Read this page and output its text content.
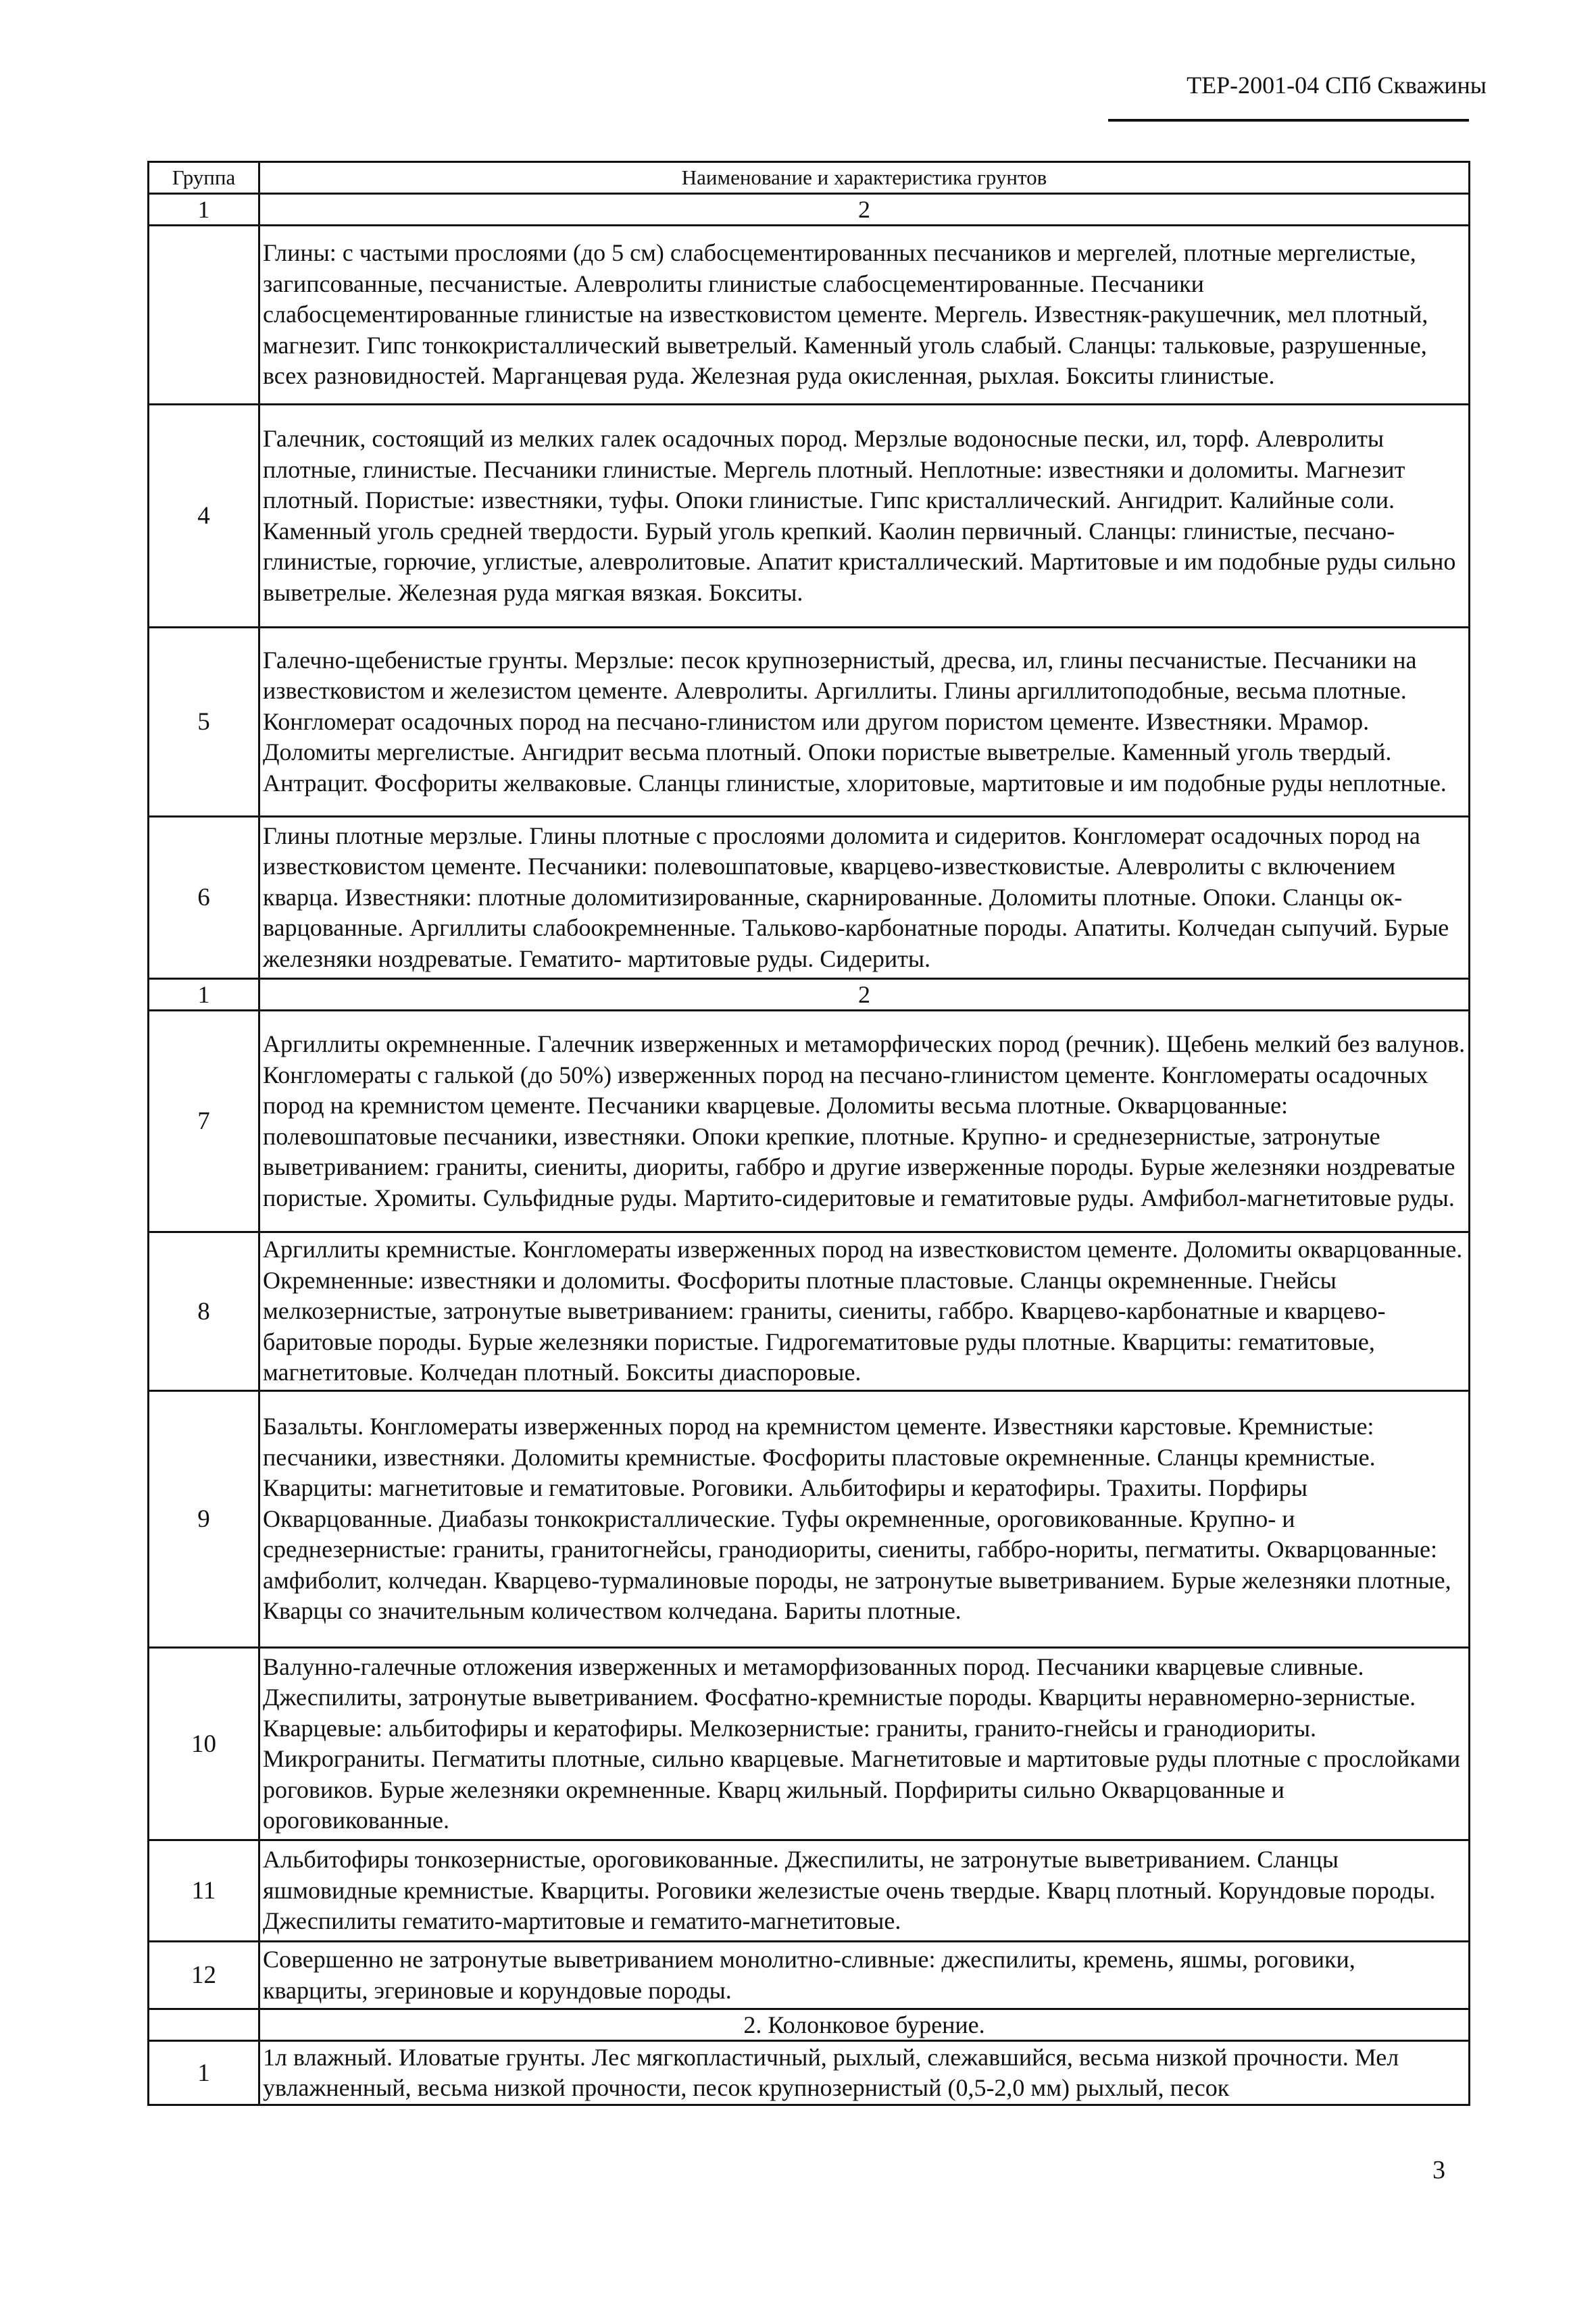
ТЕР-2001-04 СПб Скважины
Группа	Наименование и характеристика грунтов
1	2
	Глины: с частыми прослоями (до 5 см) слабосцементированных песчаников и мергелей, плотные мергелистые, загипсованные, песчанистые. Алевролиты глинистые слабосцементированные. Песчаники слабосцементированные глинистые на известковистом цементе. Мергель. Известняк-ракушечник, мел плотный, магнезит. Гипс тонкокристаллический выветрелый. Каменный уголь слабый. Сланцы: тальковые, разрушенные, всех разновидностей. Марганцевая руда. Железная руда окисленная, рыхлая. Бокситы глинистые.
4	Галечник, состоящий из мелких галек осадочных пород. Мерзлые водоносные пески, ил, торф. Алевролиты плотные, глинистые. Песчаники глинистые. Мергель плотный. Неплотные: известняки и доломиты. Магнезит плотный. Пористые: известняки, туфы. Опоки глинистые. Гипс кристаллический. Ангидрит. Калийные соли. Каменный уголь средней твердости. Бурый уголь крепкий. Каолин первичный. Сланцы: глинистые, песчано-глинистые, горючие, углистые, алевролитовые. Апатит кристаллический. Мартитовые и им подобные руды сильно выветрелые. Железная руда мягкая вязкая. Бокситы.
5	Галечно-щебенистые грунты. Мерзлые: песок крупнозернистый, дресва, ил, глины песчанистые. Песчаники на известковистом и железистом цементе. Алевролиты. Аргиллиты. Глины аргиллитоподобные, весьма плотные. Конгломерат осадочных пород на песчано-глинистом или другом пористом цементе. Известняки. Мрамор. Доломиты мергелистые. Ангидрит весьма плотный. Опоки пористые выветрелые. Каменный уголь твердый. Антрацит. Фосфориты желваковые. Сланцы глинистые, хлоритовые, мартитовые и им подобные руды неплотные.
6	Глины плотные мерзлые. Глины плотные с прослоями доломита и сидеритов. Конгломерат осадочных пород на известковистом цементе. Песчаники: полевошпатовые, кварцево-известковистые. Алевролиты с включением кварца. Известняки: плотные доломитизированные, скарнированные. Доломиты плотные. Опоки. Сланцы ок-варцованные. Аргиллиты слабоокремненные. Тальково-карбонатные породы. Апатиты. Колчедан сыпучий. Бурые железняки ноздреватые. Гематито- мартитовые руды. Сидериты.
1	2
7	Аргиллиты окремненные. Галечник изверженных и метаморфических пород (речник). Щебень мелкий без валунов. Конгломераты с галькой (до 50%) изверженных пород на песчано-глинистом цементе. Конгломераты осадочных пород на кремнистом цементе. Песчаники кварцевые. Доломиты весьма плотные. Окварцованные: полевошпатовые песчаники, известняки. Опоки крепкие, плотные. Крупно- и среднезернистые, затронутые выветриванием: граниты, сиениты, диориты, габбро и другие изверженные породы. Бурые железняки ноздреватые пористые. Хромиты. Сульфидные руды. Мартито-сидеритовые и гематитовые руды. Амфибол-магнетитовые руды.
8	Аргиллиты кремнистые. Конгломераты изверженных пород на известковистом цементе. Доломиты окварцованные. Окремненные: известняки и доломиты. Фосфориты плотные пластовые. Сланцы окремненные. Гнейсы мелкозернистые, затронутые выветриванием: граниты, сиениты, габбро. Кварцево-карбонатные и кварцево-баритовые породы. Бурые железняки пористые. Гидрогематитовые руды плотные. Кварциты: гематитовые, магнетитовые. Колчедан плотный. Бокситы диаспоровые.
9	Базальты. Конгломераты изверженных пород на кремнистом цементе. Известняки карстовые. Кремнистые: песчаники, известняки. Доломиты кремнистые. Фосфориты пластовые окремненные. Сланцы кремнистые. Кварциты: магнетитовые и гематитовые. Роговики. Альбитофиры и кератофиры. Трахиты. Порфиры Окварцованные. Диабазы тонкокристаллические. Туфы окремненные, ороговикованные. Крупно- и среднезернистые: граниты, гранитогнейсы, гранодиориты, сиениты, габбро-нориты, пегматиты. Окварцованные: амфиболит, колчедан. Кварцево-турмалиновые породы, не затронутые выветриванием. Бурые железняки плотные, Кварцы со значительным количеством колчедана. Бариты плотные.
10	Валунно-галечные отложения изверженных и метаморфизованных пород. Песчаники кварцевые сливные. Джеспилиты, затронутые выветриванием. Фосфатно-кремнистые породы. Кварциты неравномерно-зернистые. Кварцевые: альбитофиры и кератофиры. Мелкозернистые: граниты, гранито-гнейсы и гранодиориты. Микрограниты. Пегматиты плотные, сильно кварцевые. Магнетитовые и мартитовые руды плотные с прослойками роговиков. Бурые железняки окремненные. Кварц жильный. Порфириты сильно Окварцованные и ороговикованные.
11	Альбитофиры тонкозернистые, ороговикованные. Джеспилиты, не затронутые выветриванием. Сланцы яшмовидные кремнистые. Кварциты. Роговики железистые очень твердые. Кварц плотный. Корундовые породы. Джеспилиты гематито-мартитовые и гематито-магнетитовые.
12	Совершенно не затронутые выветриванием монолитно-сливные: джеспилиты, кремень, яшмы, роговики, кварциты, эгериновые и корундовые породы.
	2. Колонковое бурение.
1	1л влажный. Иловатые грунты. Лес мягкопластичный, рыхлый, слежавшийся, весьма низкой прочности. Мел увлажненный, весьма низкой прочности, песок крупнозернистый (0,5-2,0 мм) рыхлый, песок
3
